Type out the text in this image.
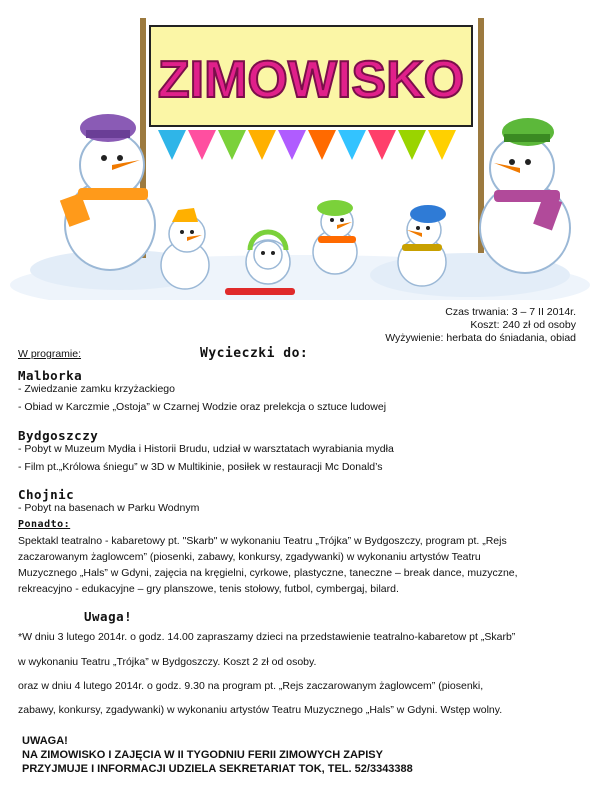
ZIMOWISKO
Czas trwania: 3 – 7 II 2014r.
Koszt: 240 zł od osoby
Wyżywienie: herbata do śniadania, obiad
W programie:	Wycieczki do:
Malborka
- Zwiedzanie zamku krzyżackiego
- Obiad w Karczmie „Ostoja” w Czarnej Wodzie oraz prelekcja o sztuce ludowej
Bydgoszczy
- Pobyt w Muzeum Mydła i Historii Brudu, udział w warsztatach wyrabiania mydła
- Film pt.„Królowa śniegu” w 3D w Multikinie, posiłek w restauracji Mc Donald’s
Chojnic
- Pobyt na basenach w Parku Wodnym
Ponadto:
Spektakl teatralno - kabaretowy pt. "Skarb" w wykonaniu Teatru „Trójka” w Bydgoszczy, program pt. „Rejs
zaczarowanym żaglowcem” (piosenki, zabawy, konkursy, zgadywanki) w wykonaniu artystów Teatru
Muzycznego „Hals” w Gdyni, zajęcia na kręgielni, cyrkowe, plastyczne, taneczne – break dance, muzyczne,
rekreacyjno - edukacyjne – gry planszowe, tenis stołowy, futbol, cymbergaj, bilard.
Uwaga!
*W dniu 3 lutego 2014r. o godz. 14.00 zapraszamy dzieci na przedstawienie teatralno-kabaretow pt „Skarb”
w wykonaniu Teatru „Trójka” w Bydgoszczy. Koszt 2 zł od osoby.
oraz w dniu 4 lutego 2014r. o godz. 9.30 na program pt. „Rejs zaczarowanym żaglowcem” (piosenki,
zabawy, konkursy, zgadywanki) w wykonaniu artystów Teatru Muzycznego „Hals” w Gdyni. Wstęp wolny.
UWAGA!
NA ZIMOWISKO I ZAJĘCIA W II TYGODNIU FERII ZIMOWYCH ZAPISY
PRZYJMUJE I INFORMACJI UDZIELA SEKRETARIAT TOK, TEL. 52/3343388
